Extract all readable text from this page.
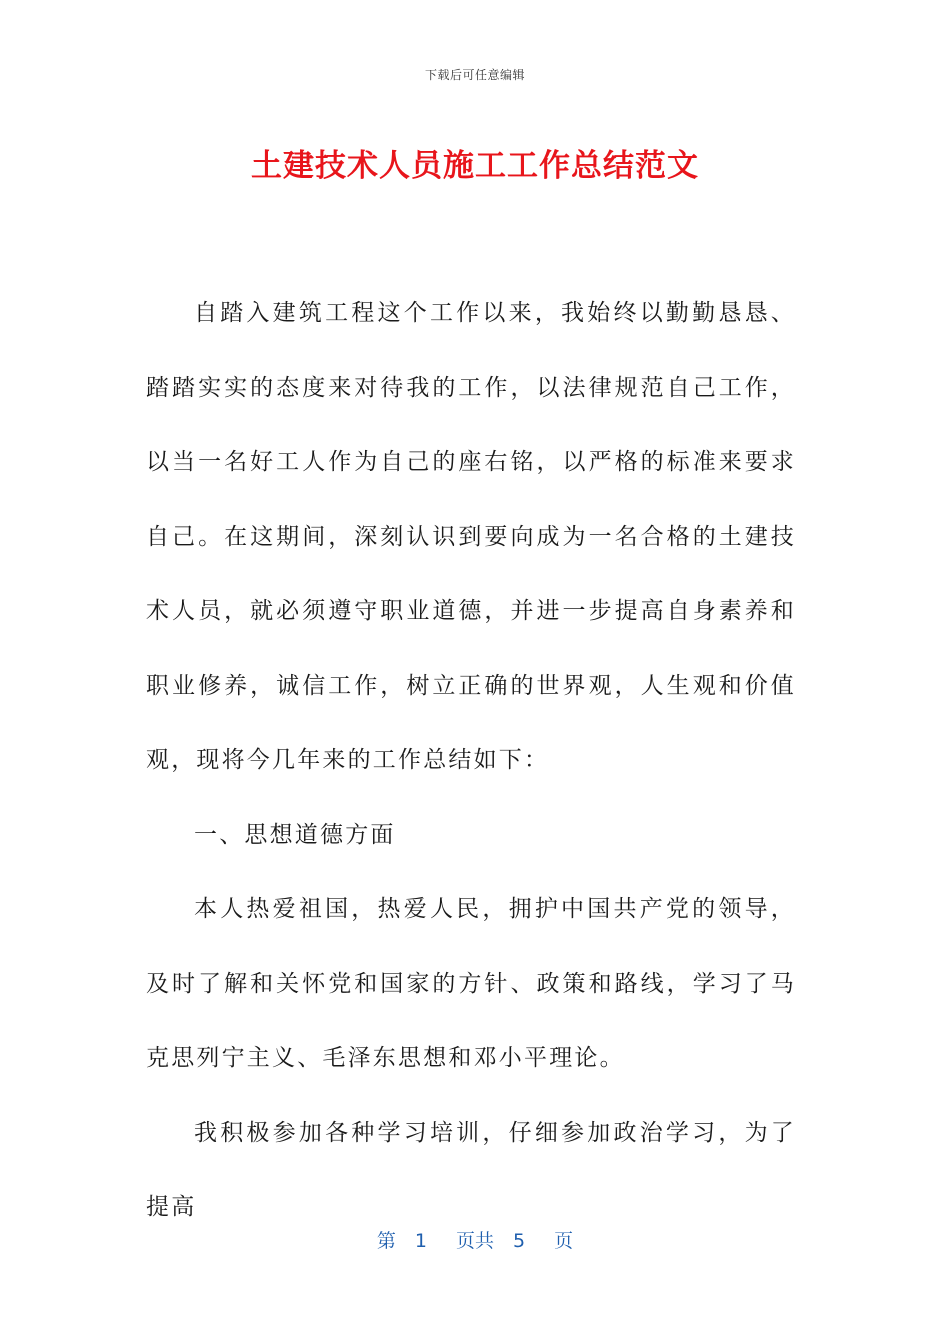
下载后可任意编辑
土建技术人员施工工作总结范文

自踏入建筑工程这个工作以来，我始终以勤勤恳恳、踏踏实实的态度来对待我的工作，以法律规范自己工作，以当一名好工人作为自己的座右铭，以严格的标准来要求自己。在这期间，深刻认识到要向成为一名合格的土建技术人员，就必须遵守职业道德，并进一步提高自身素养和职业修养，诚信工作，树立正确的世界观，人生观和价值观，现将今几年来的工作总结如下：

一、思想道德方面

本人热爱祖国，热爱人民，拥护中国共产党的领导，及时了解和关怀党和国家的方针、政策和路线，学习了马克思列宁主义、毛泽东思想和邓小平理论。

我积极参加各种学习培训，仔细参加政治学习，为了提高

第　1　 页共　5　 页
